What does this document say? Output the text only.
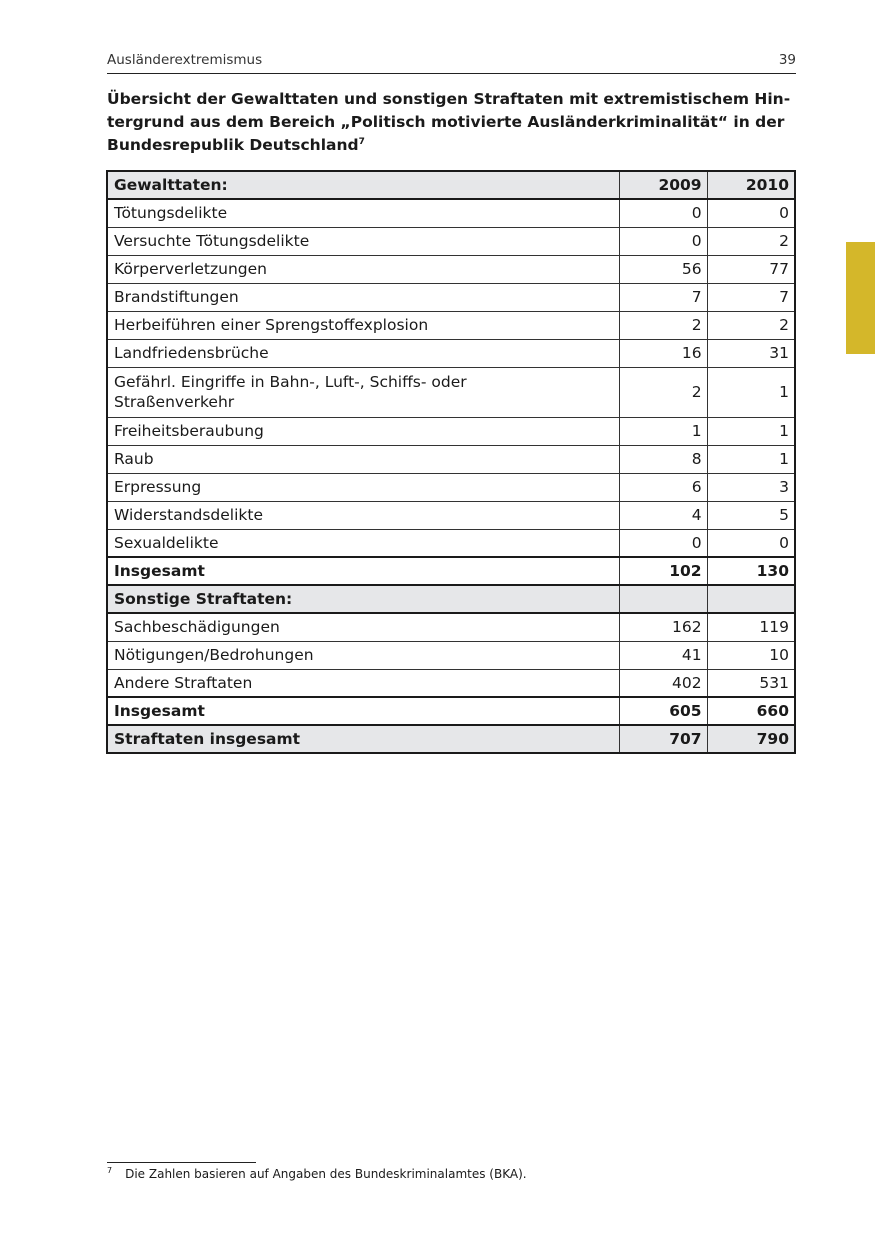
Ausländerextremismus	39
Übersicht der Gewalttaten und sonstigen Straftaten mit extremistischem Hin-
tergrund aus dem Bereich „Politisch motivierte Ausländerkriminalität“ in der
Bundesrepublik Deutschland$^7$
Gewalttaten:	2009	2010
Tötungsdelikte	0	0
Versuchte Tötungsdelikte	0	2
Körperverletzungen	56	77
Brandstiftungen	7	7
Herbeiführen einer Sprengstoffexplosion	2	2
Landfriedensbrüche	16	31
Gefährl. Eingriffe in Bahn-, Luft-, Schiffs- oder
Straßenverkehr	2	1
Freiheitsberaubung	1	1
Raub	8	1
Erpressung	6	3
Widerstandsdelikte	4	5
Sexualdelikte	0	0
Insgesamt	102	130
Sonstige Straftaten:		
Sachbeschädigungen	162	119
Nötigungen/Bedrohungen	41	10
Andere Straftaten	402	531
Insgesamt	605	660
Straftaten insgesamt	707	790
$^7$ Die Zahlen basieren auf Angaben des Bundeskriminalamtes (BKA).
